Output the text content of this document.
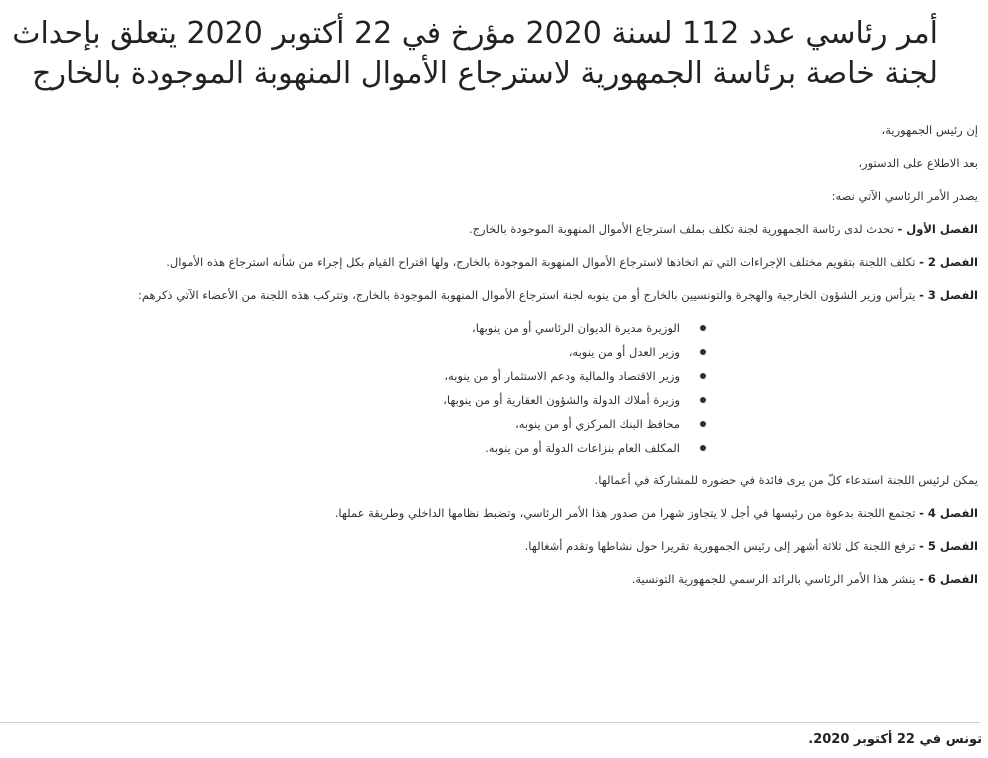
أمر رئاسي عدد 112 لسنة 2020 مؤرخ في 22 أكتوبر 2020 يتعلق بإحداث
لجنة خاصة برئاسة الجمهورية لاسترجاع الأموال المنهوبة الموجودة بالخارج

إن رئيس الجمهورية،

بعد الاطلاع على الدستور،

يصدر الأمر الرئاسي الآتي نصه:

الفصل الأول - تحدث لدى رئاسة الجمهورية لجنة تكلف بملف استرجاع الأموال المنهوبة الموجودة بالخارج.

الفصل 2 - تكلف اللجنة بتقويم مختلف الإجراءات التي تم اتخاذها لاسترجاع الأموال المنهوبة الموجودة بالخارج، ولها اقتراح القيام بكل إجراء من شأنه استرجاع هذه الأموال.

الفصل 3 - يترأس وزير الشؤون الخارجية والهجرة والتونسيين بالخارج أو من ينوبه لجنة استرجاع الأموال المنهوبة الموجودة بالخارج، وتتركب هذه اللجنة من الأعضاء الآتي ذكرهم:

الوزيرة مديرة الديوان الرئاسي أو من ينوبها،
وزير العدل أو من ينوبه،
وزير الاقتصاد والمالية ودعم الاستثمار أو من ينوبه،
وزيرة أملاك الدولة والشؤون العقارية أو من ينوبها،
محافظ البنك المركزي أو من ينوبه،
المكلف العام بنزاعات الدولة أو من ينوبه.

يمكن لرئيس اللجنة استدعاء كلّ من يرى فائدة في حضوره للمشاركة في أعمالها.

الفصل 4 - تجتمع اللجنة بدعوة من رئيسها في أجل لا يتجاوز شهرا من صدور هذا الأمر الرئاسي، وتضبط نظامها الداخلي وطريقة عملها.

الفصل 5 - ترفع اللجنة كل ثلاثة أشهر إلى رئيس الجمهورية تقريرا حول نشاطها وتقدم أشغالها.

الفصل 6 - ينشر هذا الأمر الرئاسي بالرائد الرسمي للجمهورية التونسية.

تونس في 22 أكتوبر 2020.
